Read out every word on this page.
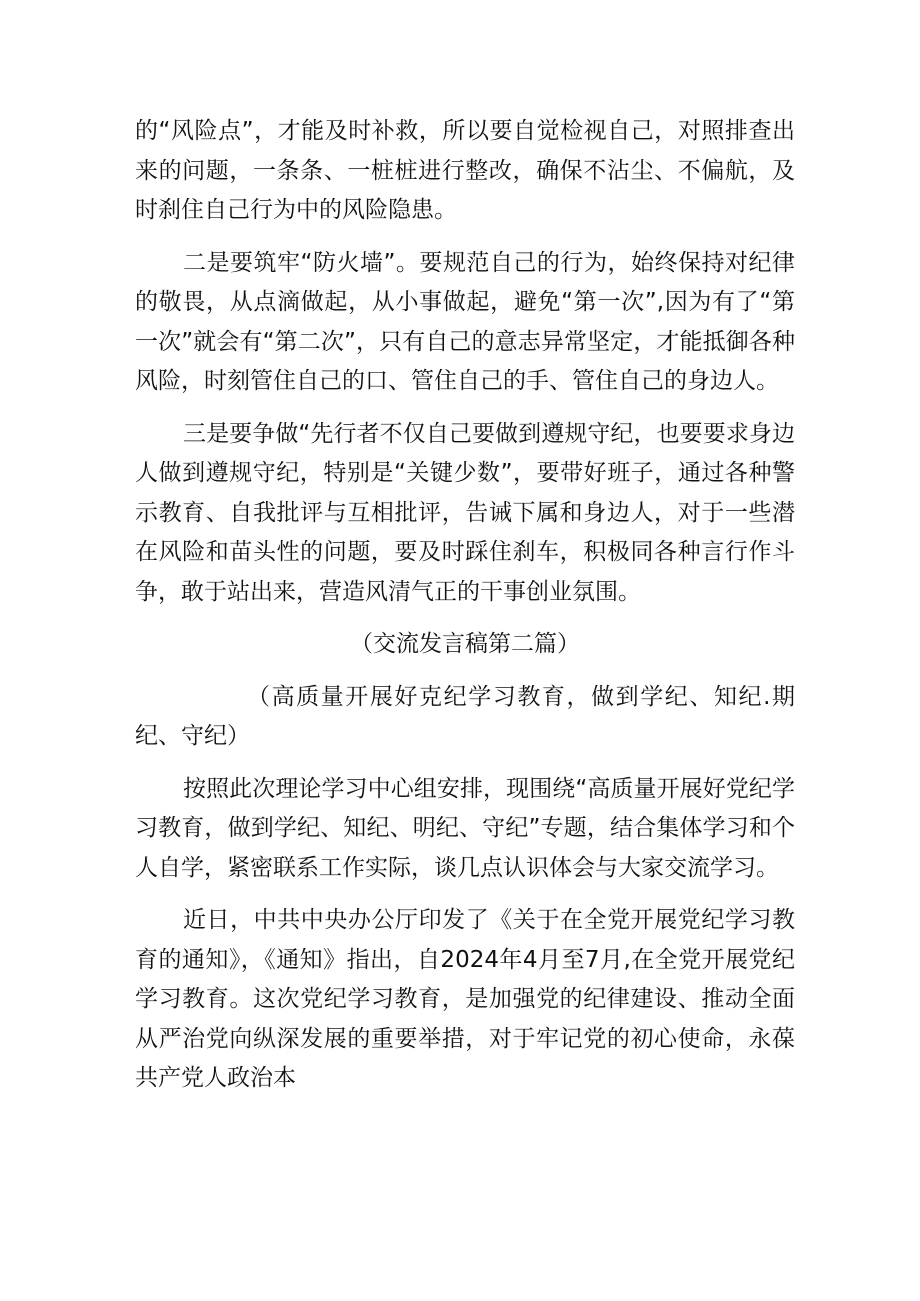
的“风险点”，才能及时补救，所以要自觉检视自己，对照排查出来的问题，一条条、一桩桩进行整改，确保不沾尘、不偏航，及时刹住自己行为中的风险隐患。

二是要筑牢“防火墙”。要规范自己的行为，始终保持对纪律的敬畏，从点滴做起，从小事做起，避免“第一次”,因为有了“第一次”就会有“第二次”，只有自己的意志异常坚定，才能抵御各种风险，时刻管住自己的口、管住自己的手、管住自己的身边人。

三是要争做“先行者不仅自己要做到遵规守纪，也要要求身边人做到遵规守纪，特别是“关键少数”，要带好班子，通过各种警示教育、自我批评与互相批评，告诫下属和身边人，对于一些潜在风险和苗头性的问题，要及时踩住刹车，积极同各种言行作斗争，敢于站出来，营造风清气正的干事创业氛围。

（交流发言稿第二篇）

（高质量开展好克纪学习教育，做到学纪、知纪.期纪、守纪）

按照此次理论学习中心组安排，现围绕“高质量开展好党纪学习教育，做到学纪、知纪、明纪、守纪”专题，结合集体学习和个人自学，紧密联系工作实际，谈几点认识体会与大家交流学习。

近日，中共中央办公厅印发了《关于在全党开展党纪学习教育的通知》，《通知》指出，自2024年4月至7月,在全党开展党纪学习教育。这次党纪学习教育，是加强党的纪律建设、推动全面从严治党向纵深发展的重要举措，对于牢记党的初心使命，永葆共产党人政治本
